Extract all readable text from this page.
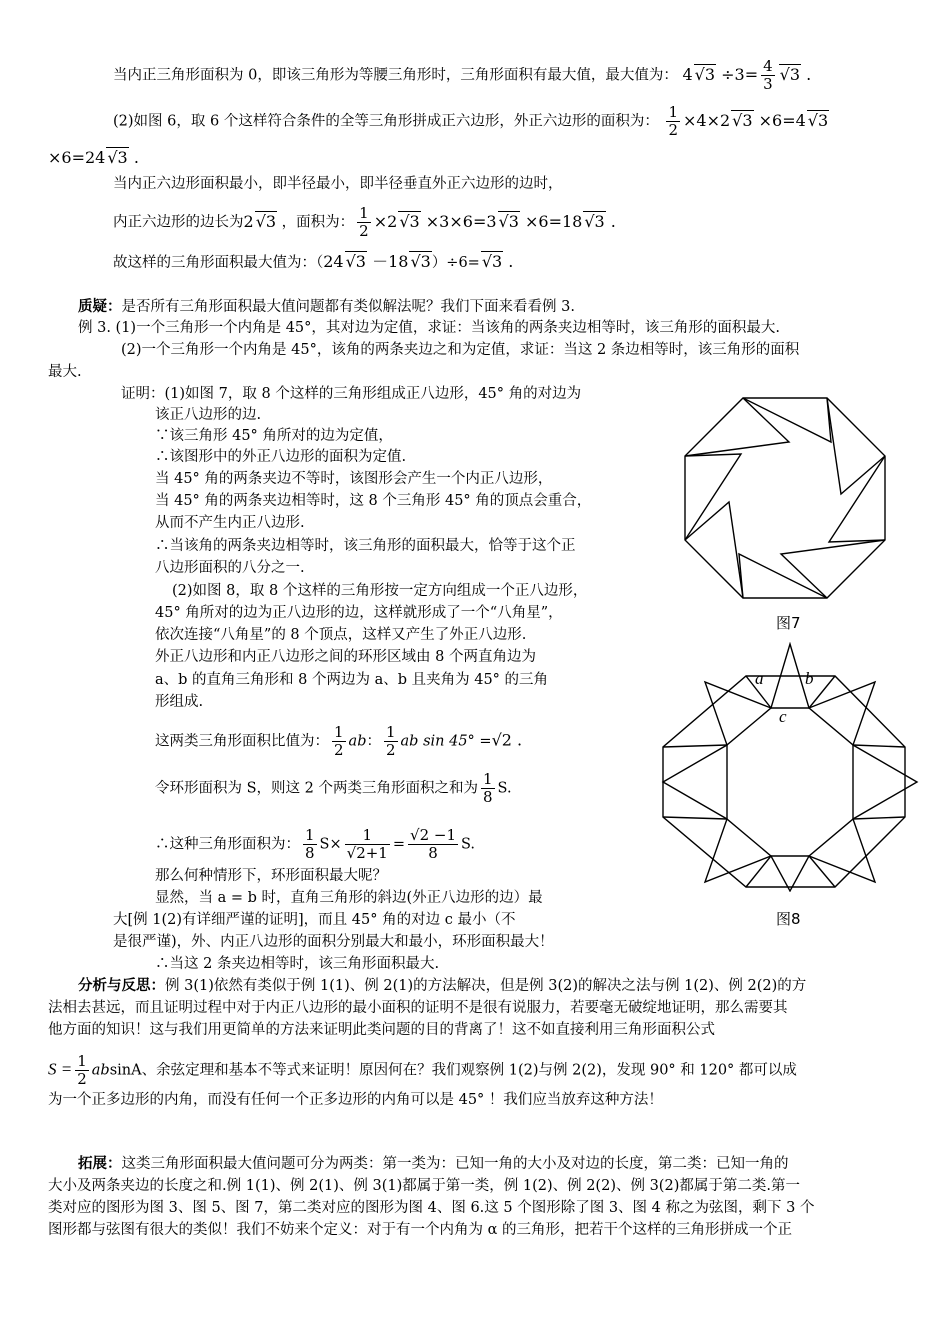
当内正三角形面积为 0，即该三角形为等腰三角形时，三角形面积有最大值，最大值为： 4 $√3 \div 3= \frac{4}{3} √3$ .
(2)如图 6，取 6 个这样符合条件的全等三角形拼成正六边形，外正六边形的面积为： $\frac{1}{2} \times 4\times 2$ √3 ×6=4 √3
×6=24 √3 .
当内正六边形面积最小，即半径最小，即半径垂直外正六边形的边时，
内正六边形的边长为2 √3 ，面积为： $\frac{1}{2} \times 2$ √3 ×3×6=3 √3 ×6=18 √3 .
故这样的三角形面积最大值为：（24 √3 －18 √3）÷6= √3 .
质疑：是否所有三角形面积最大值问题都有类似解法呢？我们下面来看看例 3.
例 3. (1)一个三角形一个内角是 45°，其对边为定值，求证：当该角的两条夹边相等时，该三角形的面积最大.
(2)一个三角形一个内角是 45°，该角的两条夹边之和为定值，求证：当这 2 条边相等时，该三角形的面积
最大.
证明：(1)如图 7，取 8 个这样的三角形组成正八边形，45° 角的对边为
该正八边形的边.
∵该三角形 45° 角所对的边为定值，
∴该图形中的外正八边形的面积为定值.
当 45° 角的两条夹边不等时，该图形会产生一个内正八边形，
当 45° 角的两条夹边相等时，这 8 个三角形 45° 角的顶点会重合，
从而不产生内正八边形.
∴当该角的两条夹边相等时，该三角形的面积最大，恰等于这个正
八边形面积的八分之一.
(2)如图 8，取 8 个这样的三角形按一定方向组成一个正八边形，
45° 角所对的边为正八边形的边，这样就形成了一个“八角星”，
依次连接“八角星”的 8 个顶点，这样又产生了外正八边形.
外正八边形和内正八边形之间的环形区域由 8 个两直角边为
a、b 的直角三角形和 8 个两边为 a、b 且夹角为 45° 的三角
形组成.
这两类三角形面积比值为： $\frac{1}{2}$ ab： $\frac{1}{2}$ ab sin 45° =√2 .
令环形面积为 S，则这 2 个两类三角形面积之和为 $\frac{1}{8} S$.
∴这种三角形面积为： $\frac{1}{8} S\times \frac{1}{√2+1} = \frac{√2 -1}{8} S$.
那么何种情形下，环形面积最大呢？
显然，当 a = b 时，直角三角形的斜边(外正八边形的边）最
大[例 1(2)有详细严谨的证明]，而且 45° 角的对边 c 最小（不
是很严谨)，外、内正八边形的面积分别最大和最小，环形面积最大！
∴当这 2 条夹边相等时，该三角形面积最大.
分析与反思：例 3(1)依然有类似于例 1(1)、例 2(1)的方法解决，但是例 3(2)的解决之法与例 1(2)、例 2(2)的方
法相去甚远，而且证明过程中对于内正八边形的最小面积的证明不是很有说服力，若要毫无破绽地证明，那么需要其
他方面的知识！这与我们用更简单的方法来证明此类问题的目的背离了！这不如直接利用三角形面积公式
$S = \frac{1}{2}$ absinA、余弦定理和基本不等式来证明！原因何在？我们观察例 1(2)与例 2(2)，发现 90° 和 120° 都可以成
为一个正多边形的内角，而没有任何一个正多边形的内角可以是 45° ！我们应当放弃这种方法！
拓展：这类三角形面积最大值问题可分为两类：第一类为：已知一角的大小及对边的长度，第二类：已知一角的
大小及两条夹边的长度之和.例 1(1)、例 2(1)、例 3(1)都属于第一类，例 1(2)、例 2(2)、例 3(2)都属于第二类.第一
类对应的图形为图 3、图 5、图 7，第二类对应的图形为图 4、图 6.这 5 个图形除了图 3、图 4 称之为弦图，剩下 3 个
图形都与弦图有很大的类似！我们不妨来个定义：对于有一个内角为 α 的三角形，把若干个这样的三角形拼成一个正
图7
a b
c
图8
